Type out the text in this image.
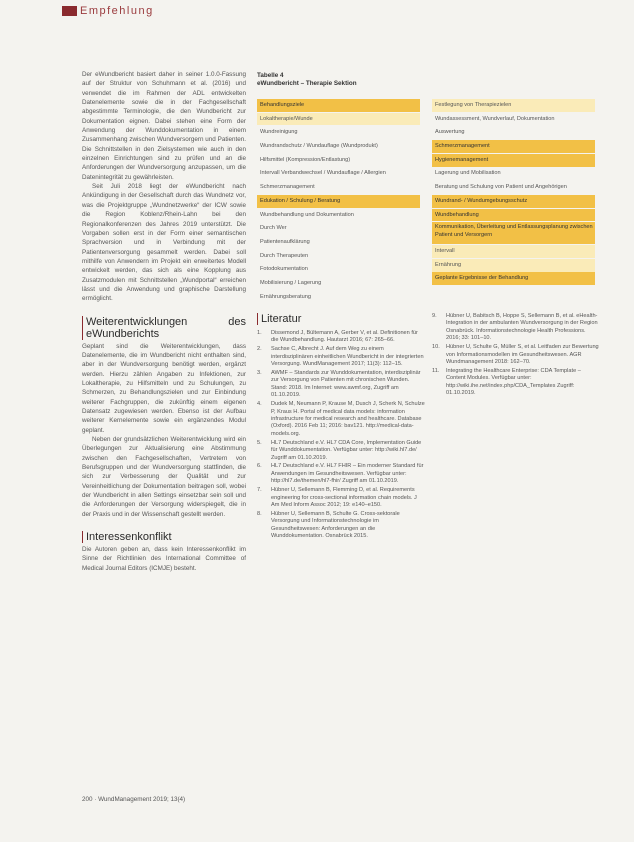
Empfehlung

Der eWundbericht basiert daher in seiner 1.0.0-Fassung auf der Struktur von Schuhmann et al. (2016) und verwendet die im Rahmen der ADL entwickelten Datenelemente sowie die in der Fachgesellschaft abgestimmte Terminologie, die den Wundbericht zur Dokumentation eignen. Dabei stehen eine Form der Anwendung der Wunddokumentation in einem Zusammenhang zwischen Wundversorgern und Patienten. Die Schnittstellen in den Zielsystemen wie auch in den einzelnen Einrichtungen sind zu prüfen und an die Anforderungen der Wundversorgung anzupassen, um die Datenintegrität zu gewährleisten.

Seit Juli 2018 liegt der eWundbericht nach Ankündigung in der Gesellschaft durch das Wundnetz vor, was die Projektgruppe „Wundnetzwerke“ der ICW sowie die Region Koblenz/Rhein-Lahn bei den Regionalkonferenzen des Jahres 2019 unterstützt. Die Vorgaben sollen erst in der Form einer semantischen Sprachversion und in Verbindung mit der Patientenversorgung gesammelt werden. Dabei soll mithilfe von Anwendern im Projekt ein erweitertes Modell entwickelt werden, das sich als eine Kopplung aus Zusatzmodulen mit Schnittstellen „Wundportal“ erreichen lässt und die Anwendung und graphische Darstellung ermöglicht.

Weiterentwicklungen des eWundberichts

Geplant sind die Weiterentwicklungen, dass Datenelemente, die im Wundbericht nicht enthalten sind, aber in der Wundversorgung benötigt werden, ergänzt werden. Hierzu zählen Angaben zu Infektionen, zur Lokaltherapie, zu Hilfsmitteln und zu Schulungen, zu Schmerzen, zu Behandlungszielen und zur Einbindung weiterer Fachgruppen, die zukünftig einem eigenen Datensatz zugewiesen werden. Ebenso ist der Aufbau weiterer Kernelemente sowie ein ergänzendes Modul geplant.

Neben der grundsätzlichen Weiterentwicklung wird ein Überlegungen zur Aktualisierung eine Abstimmung zwischen den Fachgesellschaften, Vertretern von Berufsgruppen und der Wundversorgung stattfinden, die sich zur Verbesserung der Qualität und zur Vereinheitlichung der Dokumentation beitragen soll, wobei der Wundbericht in allen Settings einsetzbar sein soll und die Anforderungen der Versorgung widerspiegelt, die in der Praxis und in der Wissenschaft gestellt werden.

Interessenkonflikt

Die Autoren geben an, dass kein Interessenkonflikt im Sinne der Richtlinien des International Committee of Medical Journal Editors (ICMJE) besteht.

Tabelle 4
eWundbericht – Therapie Sektion
Behandlungsziele
Lokaltherapie/Wunde
Wundreinigung
Wundrandschutz / Wundauflage (Wundprodukt)
Hilfsmittel (Kompression/Entlastung)
Intervall Verbandwechsel / Wundauflage / Allergien
Schmerzmanagement
Edukation / Schulung / Beratung
Wundbehandlung und Dokumentation
Durch Wer
Patientenaufklärung
Durch Therapeuten
Fotodokumentation
Mobilisierung / Lagerung
Ernährungsberatung
Festlegung von Therapiezielen
Wundassessment, Wundverlauf, Dokumentation
Auswertung
Schmerzmanagement
Hygienemanagement
Lagerung und Mobilisation
Beratung und Schulung von Patient und Angehörigen
Wundrand- / Wundumgebungsschutz
Wundbehandlung
Kommunikation, Überleitung und Entlassungsplanung zwischen Patient und Versorgern
Intervall
Ernährung
Geplante Ergebnisse der Behandlung
Literatur
1. Dissemond J, Bültemann A, Gerber V, et al. Definitionen für die Wundbehandlung. Hautarzt 2016; 67: 265–66.
2. Sachse C, Albrecht J. Auf dem Weg zu einem interdisziplinären einheitlichen Wundbericht in der integrierten Versorgung. WundManagement 2017; 11(3): 112–15.
3. AWMF – Standards zur Wunddokumentation, interdisziplinär zur Versorgung von Patienten mit chronischen Wunden. Stand: 2018. Im Internet: www.awmf.org, Zugriff am 01.10.2019.
4. Dudek M, Neumann P, Krause M, Dusch J, Scherk N, Schulze P, Kraus H. Portal of medical data models: information infrastructure for medical research and healthcare. Database (Oxford). 2016 Feb 11; 2016: bav121. http://medical-data-models.org.
5. HL7 Deutschland e.V. HL7 CDA Core, Implementation Guide für Wunddokumentation. Verfügbar unter: http://wiki.hl7.de/ Zugriff am 01.10.2019.
6. HL7 Deutschland e.V. HL7 FHIR – Ein moderner Standard für Anwendungen im Gesundheitswesen. Verfügbar unter: http://hl7.de/themen/hl7-fhir/ Zugriff am 01.10.2019.
7. Hübner U, Sellemann B, Flemming D, et al. Requirements engineering for cross-sectional information chain models. J Am Med Inform Assoc 2012; 19: e140–e150.
8. Hübner U, Sellemann B, Schulte G. Cross-sektorale Versorgung und Informationstechnologie im Gesundheitswesen: Anforderungen an die Wunddokumentation. Osnabrück 2015.
9. Hübner U, Babitsch B, Hoppe S, Sellemann B, et al. eHealth-Integration in der ambulanten Wundversorgung in der Region Osnabrück. Informationstechnologie Health Professions. 2016; 33: 101–10.
10. Hübner U, Schulte G, Müller S, et al. Leitfaden zur Bewertung von Informationsmodellen im Gesundheitswesen. AGR Wundmanagement 2018: 162–70.
11. Integrating the Healthcare Enterprise: CDA Template – Content Modules. Verfügbar unter: http://wiki.ihe.net/index.php/CDA_Templates Zugriff: 01.10.2019.
200 · WundManagement 2019; 13(4)
